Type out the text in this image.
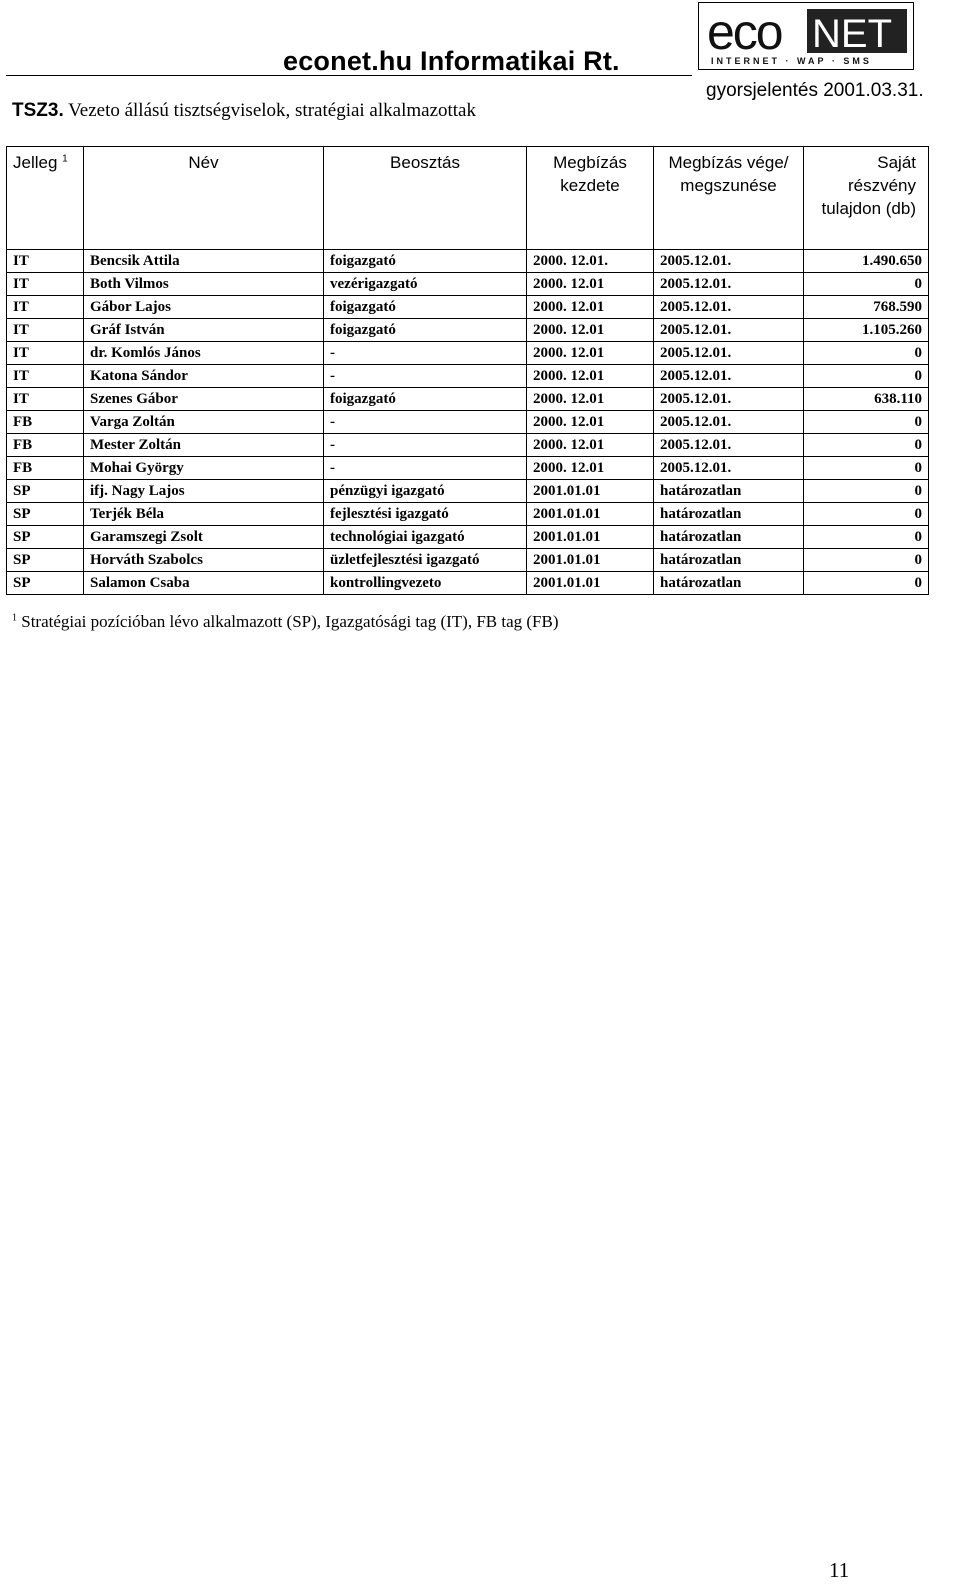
econet.hu Informatikai Rt.
eco NET
INTERNET · WAP · SMS
gyorsjelentés 2001.03.31.
TSZ3. Vezeto állású tisztségviselok, stratégiai alkalmazottak
Jelleg $^1$	Név	Beosztás	Megbízás kezdete	Megbízás vége/ megszunése	Saját részvény tulajdon (db)
IT	Bencsik Attila	foigazgató	2000. 12.01.	2005.12.01.	1.490.650
IT	Both Vilmos	vezérigazgató	2000. 12.01	2005.12.01.	0
IT	Gábor Lajos	foigazgató	2000. 12.01	2005.12.01.	768.590
IT	Gráf István	foigazgató	2000. 12.01	2005.12.01.	1.105.260
IT	dr. Komlós János	-	2000. 12.01	2005.12.01.	0
IT	Katona Sándor	-	2000. 12.01	2005.12.01.	0
IT	Szenes Gábor	foigazgató	2000. 12.01	2005.12.01.	638.110
FB	Varga Zoltán	-	2000. 12.01	2005.12.01.	0
FB	Mester Zoltán	-	2000. 12.01	2005.12.01.	0
FB	Mohai György	-	2000. 12.01	2005.12.01.	0
SP	ifj. Nagy Lajos	pénzügyi igazgató	2001.01.01	határozatlan	0
SP	Terjék Béla	fejlesztési igazgató	2001.01.01	határozatlan	0
SP	Garamszegi Zsolt	technológiai igazgató	2001.01.01	határozatlan	0
SP	Horváth Szabolcs	üzletfejlesztési igazgató	2001.01.01	határozatlan	0
SP	Salamon Csaba	kontrollingvezeto	2001.01.01	határozatlan	0
$^1$ Stratégiai pozícióban lévo alkalmazott (SP), Igazgatósági tag (IT), FB tag (FB)
11
